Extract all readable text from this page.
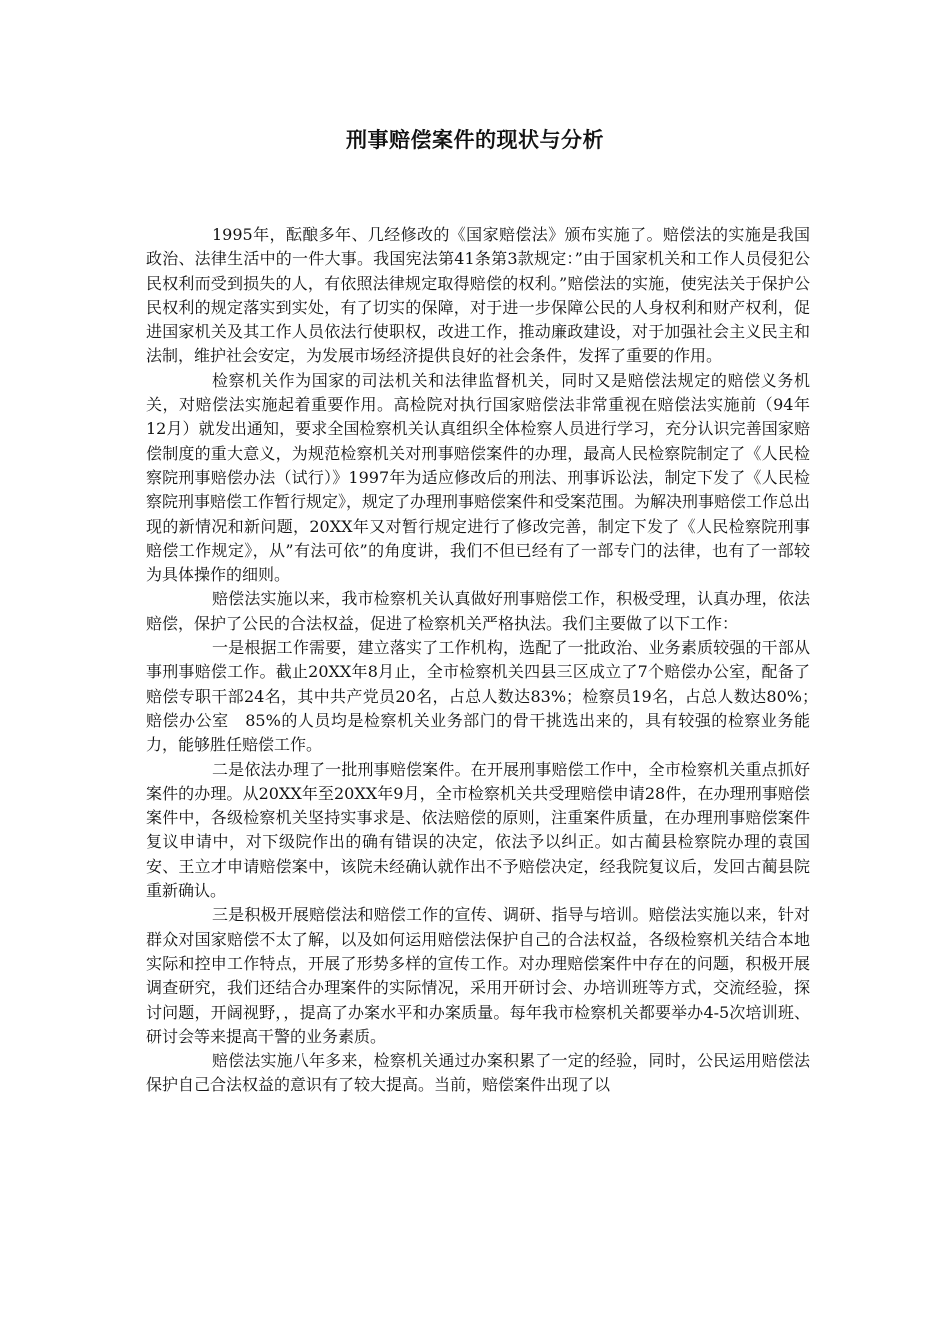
刑事赔偿案件的现状与分析

1995年，酝酿多年、几经修改的《国家赔偿法》颁布实施了。赔偿法的实施是我国政治、法律生活中的一件大事。我国宪法第41条第3款规定：”由于国家机关和工作人员侵犯公民权利而受到损失的人，有依照法律规定取得赔偿的权利。”赔偿法的实施，使宪法关于保护公民权利的规定落实到实处，有了切实的保障，对于进一步保障公民的人身权利和财产权利，促进国家机关及其工作人员依法行使职权，改进工作，推动廉政建设，对于加强社会主义民主和法制，维护社会安定，为发展市场经济提供良好的社会条件，发挥了重要的作用。

检察机关作为国家的司法机关和法律监督机关，同时又是赔偿法规定的赔偿义务机关，对赔偿法实施起着重要作用。高检院对执行国家赔偿法非常重视在赔偿法实施前（94年12月）就发出通知，要求全国检察机关认真组织全体检察人员进行学习，充分认识完善国家赔偿制度的重大意义，为规范检察机关对刑事赔偿案件的办理，最高人民检察院制定了《人民检察院刑事赔偿办法（试行）》1997年为适应修改后的刑法、刑事诉讼法，制定下发了《人民检察院刑事赔偿工作暂行规定》，规定了办理刑事赔偿案件和受案范围。为解决刑事赔偿工作总出现的新情况和新问题，20XX年又对暂行规定进行了修改完善，制定下发了《人民检察院刑事赔偿工作规定》，从”有法可依”的角度讲，我们不但已经有了一部专门的法律，也有了一部较为具体操作的细则。

赔偿法实施以来，我市检察机关认真做好刑事赔偿工作，积极受理，认真办理，依法赔偿，保护了公民的合法权益，促进了检察机关严格执法。我们主要做了以下工作：

一是根据工作需要，建立落实了工作机构，选配了一批政治、业务素质较强的干部从事刑事赔偿工作。截止20XX年8月止，全市检察机关四县三区成立了7个赔偿办公室，配备了赔偿专职干部24名，其中共产党员20名，占总人数达83%；检察员19名，占总人数达80%；　赔偿办公室　85%的人员均是检察机关业务部门的骨干挑选出来的，具有较强的检察业务能力，能够胜任赔偿工作。

二是依法办理了一批刑事赔偿案件。在开展刑事赔偿工作中，全市检察机关重点抓好案件的办理。从20XX年至20XX年9月，全市检察机关共受理赔偿申请28件，在办理刑事赔偿案件中，各级检察机关坚持实事求是、依法赔偿的原则，注重案件质量，在办理刑事赔偿案件复议申请中，对下级院作出的确有错误的决定，依法予以纠正。如古蔺县检察院办理的袁国安、王立才申请赔偿案中，该院未经确认就作出不予赔偿决定，经我院复议后，发回古蔺县院重新确认。

三是积极开展赔偿法和赔偿工作的宣传、调研、指导与培训。赔偿法实施以来，针对群众对国家赔偿不太了解，以及如何运用赔偿法保护自己的合法权益，各级检察机关结合本地实际和控申工作特点，开展了形势多样的宣传工作。对办理赔偿案件中存在的问题，积极开展调查研究，我们还结合办理案件的实际情况，采用开研讨会、办培训班等方式，交流经验，探讨问题，开阔视野，，提高了办案水平和办案质量。每年我市检察机关都要举办4-5次培训班、研讨会等来提高干警的业务素质。

赔偿法实施八年多来，检察机关通过办案积累了一定的经验，同时，公民运用赔偿法保护自己合法权益的意识有了较大提高。当前，赔偿案件出现了以
